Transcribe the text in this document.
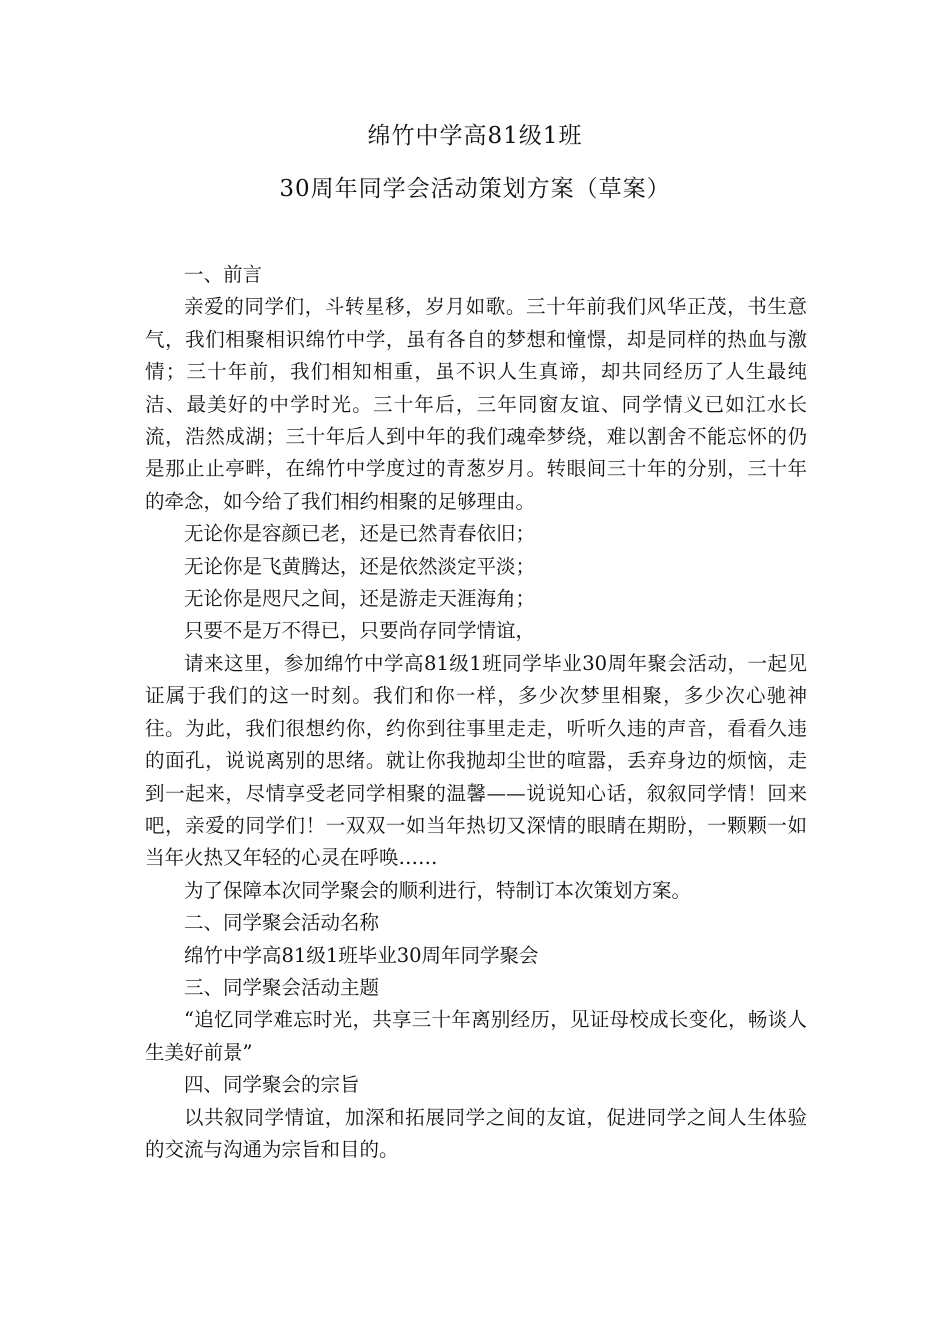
绵竹中学高81级1班
30周年同学会活动策划方案（草案）

一、前言

亲爱的同学们，斗转星移，岁月如歌。三十年前我们风华正茂，书生意气，我们相聚相识绵竹中学，虽有各自的梦想和憧憬，却是同样的热血与激情；三十年前，我们相知相重，虽不识人生真谛，却共同经历了人生最纯洁、最美好的中学时光。三十年后，三年同窗友谊、同学情义已如江水长流，浩然成湖；三十年后人到中年的我们魂牵梦绕，难以割舍不能忘怀的仍是那止止亭畔，在绵竹中学度过的青葱岁月。转眼间三十年的分别，三十年的牵念，如今给了我们相约相聚的足够理由。

无论你是容颜已老，还是已然青春依旧；

无论你是飞黄腾达，还是依然淡定平淡；

无论你是咫尺之间，还是游走天涯海角；

只要不是万不得已，只要尚存同学情谊，

请来这里，参加绵竹中学高81级1班同学毕业30周年聚会活动，一起见证属于我们的这一时刻。我们和你一样，多少次梦里相聚，多少次心驰神往。为此，我们很想约你，约你到往事里走走，听听久违的声音，看看久违的面孔，说说离别的思绪。就让你我抛却尘世的喧嚣，丢弃身边的烦恼，走到一起来，尽情享受老同学相聚的温馨——说说知心话，叙叙同学情！回来吧，亲爱的同学们！一双双一如当年热切又深情的眼睛在期盼，一颗颗一如当年火热又年轻的心灵在呼唤……

为了保障本次同学聚会的顺利进行，特制订本次策划方案。

二、同学聚会活动名称

绵竹中学高81级1班毕业30周年同学聚会

三、同学聚会活动主题

“追忆同学难忘时光，共享三十年离别经历，见证母校成长变化，畅谈人生美好前景”

四、同学聚会的宗旨

以共叙同学情谊，加深和拓展同学之间的友谊，促进同学之间人生体验的交流与沟通为宗旨和目的。
